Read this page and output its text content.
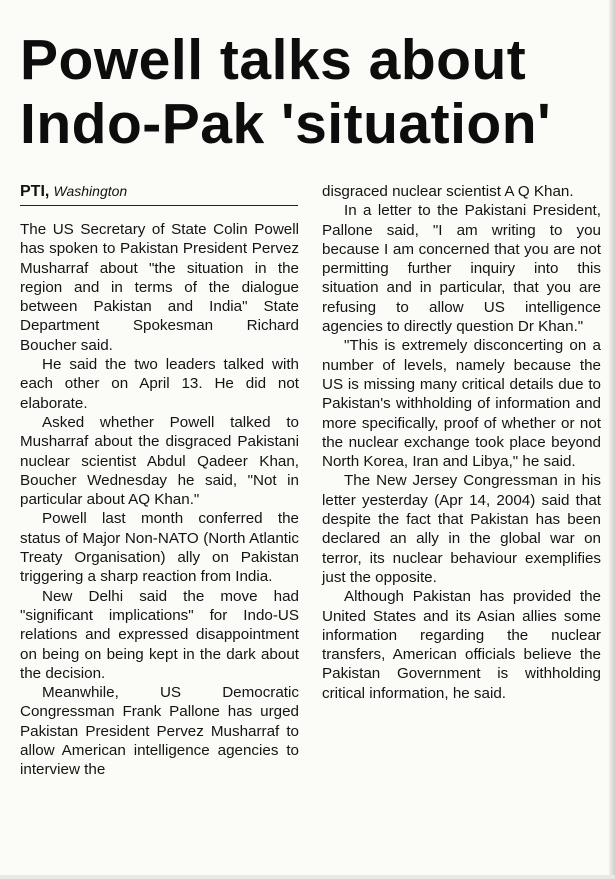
Powell talks about
Indo-Pak 'situation'
PTI, Washington

The US Secretary of State Colin Powell has spoken to Pakistan President Pervez Musharraf about "the situation in the region and in terms of the dialogue between Pakistan and India" State Department Spokesman Richard Boucher said.

He said the two leaders talked with each other on April 13. He did not elaborate.

Asked whether Powell talked to Musharraf about the disgraced Pakistani nuclear scientist Abdul Qadeer Khan, Boucher Wednesday he said, "Not in particular about AQ Khan."

Powell last month conferred the status of Major Non-NATO (North Atlantic Treaty Organisation) ally on Pakistan triggering a sharp reaction from India.

New Delhi said the move had "significant implications" for Indo-US relations and expressed disappointment on being on being kept in the dark about the decision.

Meanwhile, US Democratic Congressman Frank Pallone has urged Pakistan President Pervez Musharraf to allow American intelligence agencies to interview the

disgraced nuclear scientist A Q Khan.

In a letter to the Pakistani President, Pallone said, "I am writing to you because I am concerned that you are not permitting further inquiry into this situation and in particular, that you are refusing to allow US intelligence agencies to directly question Dr Khan."

"This is extremely disconcerting on a number of levels, namely because the US is missing many critical details due to Pakistan's withholding of information and more specifically, proof of whether or not the nuclear exchange took place beyond North Korea, Iran and Libya," he said.

The New Jersey Congressman in his letter yesterday (Apr 14, 2004) said that despite the fact that Pakistan has been declared an ally in the global war on terror, its nuclear behaviour exemplifies just the opposite.

Although Pakistan has provided the United States and its Asian allies some information regarding the nuclear transfers, American officials believe the Pakistan Government is withholding critical information, he said.
